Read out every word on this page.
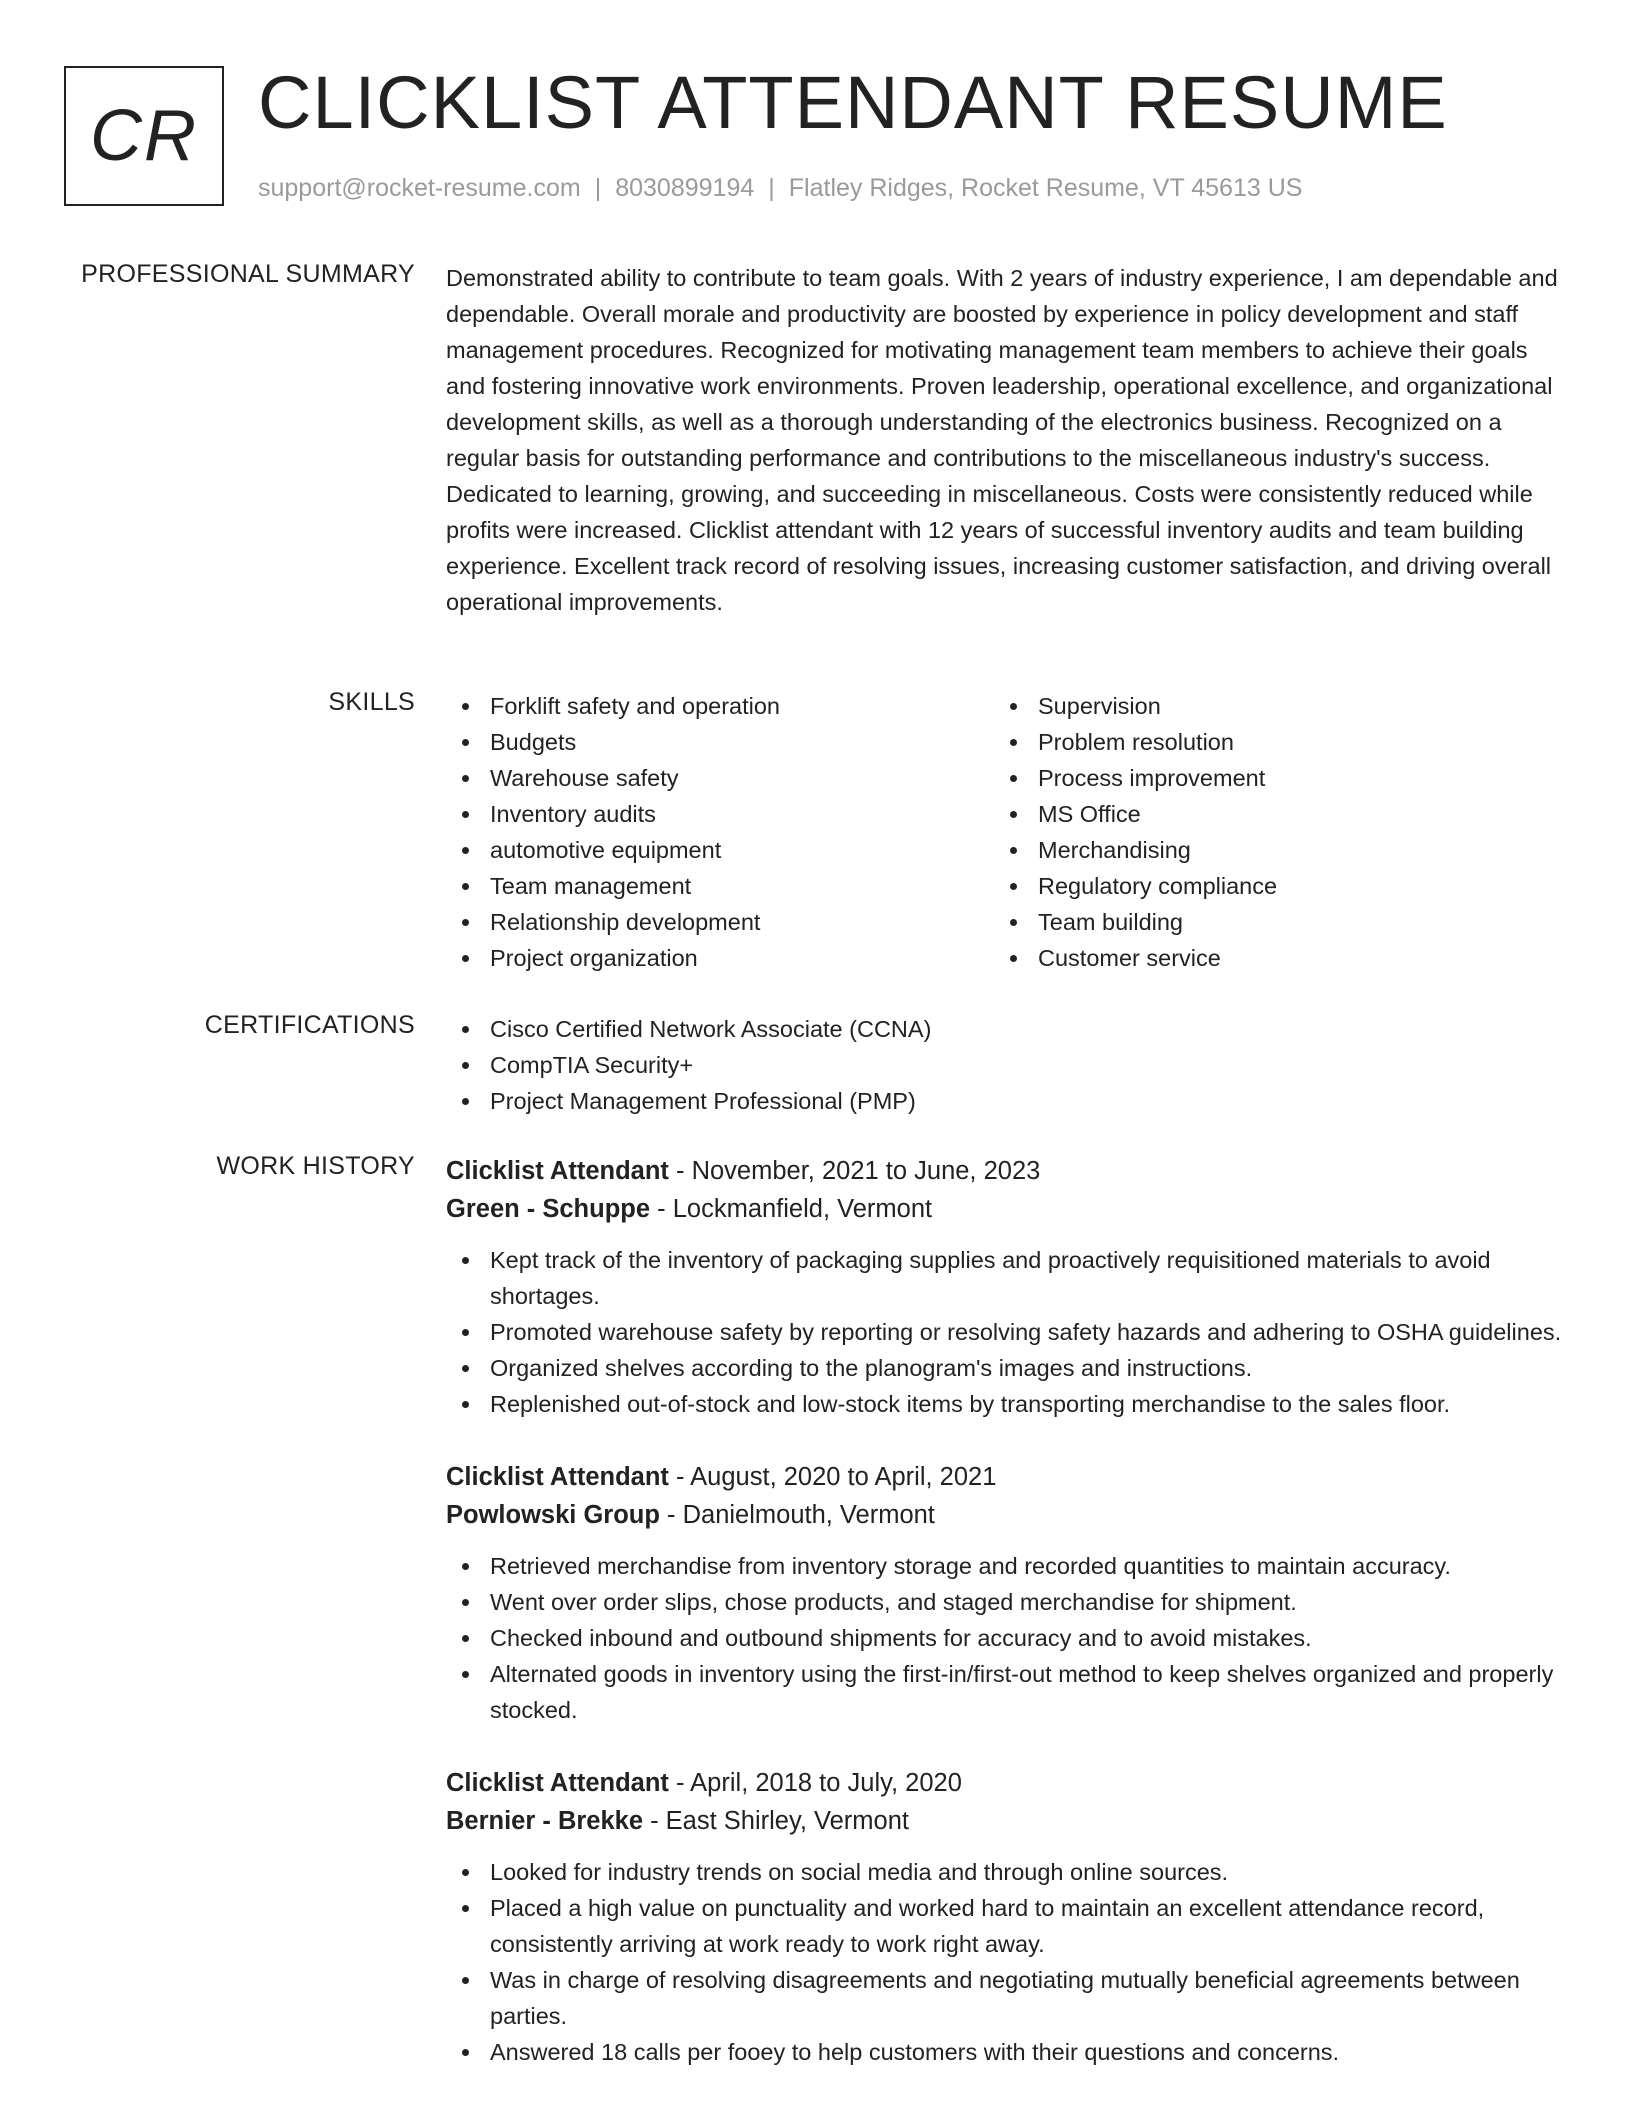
CR CLICKLIST ATTENDANT RESUME
support@rocket-resume.com | 8030899194 | Flatley Ridges, Rocket Resume, VT 45613 US
PROFESSIONAL SUMMARY Demonstrated ability to contribute to team goals. With 2 years of industry experience, I am dependable and dependable. Overall morale and productivity are boosted by experience in policy development and staff management procedures. Recognized for motivating management team members to achieve their goals and fostering innovative work environments. Proven leadership, operational excellence, and organizational development skills, as well as a thorough understanding of the electronics business. Recognized on a regular basis for outstanding performance and contributions to the miscellaneous industry's success. Dedicated to learning, growing, and succeeding in miscellaneous. Costs were consistently reduced while profits were increased. Clicklist attendant with 12 years of successful inventory audits and team building experience. Excellent track record of resolving issues, increasing customer satisfaction, and driving overall operational improvements.

SKILLS	Forklift safety and operation
Budgets
Warehouse safety
Inventory audits
automotive equipment
Team management
Relationship development
Project organization
Supervision
Problem resolution
Process improvement
MS Office
Merchandising
Regulatory compliance
Team building
Customer service
CERTIFICATIONS	Cisco Certified Network Associate (CCNA)
CompTIA Security+
Project Management Professional (PMP)
WORK HISTORY Clicklist Attendant - November, 2021 to June, 2023
Green - Schuppe - Lockmanfield, Vermont
Kept track of the inventory of packaging supplies and proactively requisitioned materials to avoid shortages.
Promoted warehouse safety by reporting or resolving safety hazards and adhering to OSHA guidelines.
Organized shelves according to the planogram's images and instructions.
Replenished out-of-stock and low-stock items by transporting merchandise to the sales floor.
Clicklist Attendant - August, 2020 to April, 2021
Powlowski Group - Danielmouth, Vermont
Retrieved merchandise from inventory storage and recorded quantities to maintain accuracy.
Went over order slips, chose products, and staged merchandise for shipment.
Checked inbound and outbound shipments for accuracy and to avoid mistakes.
Alternated goods in inventory using the first-in/first-out method to keep shelves organized and properly stocked.
Clicklist Attendant - April, 2018 to July, 2020
Bernier - Brekke - East Shirley, Vermont
Looked for industry trends on social media and through online sources.
Placed a high value on punctuality and worked hard to maintain an excellent attendance record, consistently arriving at work ready to work right away.
Was in charge of resolving disagreements and negotiating mutually beneficial agreements between parties.
Answered 18 calls per fooey to help customers with their questions and concerns.
